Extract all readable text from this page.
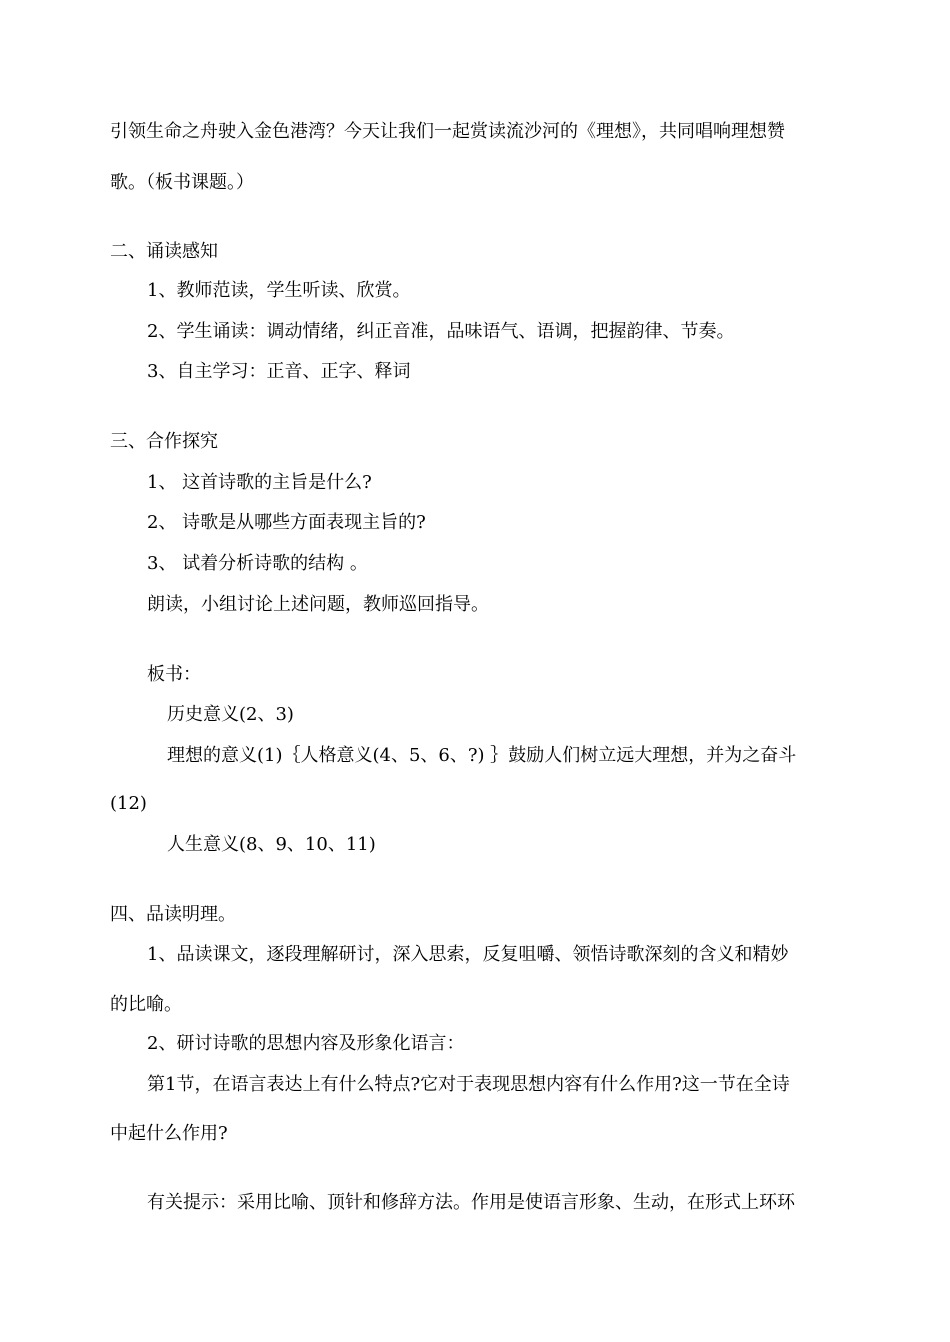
引领生命之舟驶入金色港湾？今天让我们一起赏读流沙河的《理想》，共同唱响理想赞
歌。（板书课题。）
二、诵读感知
1、教师范读，学生听读、欣赏。
2、学生诵读：调动情绪，纠正音准，品味语气、语调，把握韵律、节奏。
3、自主学习：正音、正字、释词
三、合作探究
1、 这首诗歌的主旨是什么?
2、 诗歌是从哪些方面表现主旨的?
3、 试着分析诗歌的结构 。
朗读，小组讨论上述问题，教师巡回指导。
板书：
历史意义(2、3)
理想的意义(1)｛人格意义(4、5、6、?) ｝鼓励人们树立远大理想，并为之奋斗
(12)
人生意义(8、9、10、11)
四、品读明理。
1、品读课文，逐段理解研讨，深入思索，反复咀嚼、领悟诗歌深刻的含义和精妙
的比喻。
2、研讨诗歌的思想内容及形象化语言：
第1节，在语言表达上有什么特点?它对于表现思想内容有什么作用?这一节在全诗
中起什么作用?
有关提示：采用比喻、顶针和修辞方法。作用是使语言形象、生动，在形式上环环
